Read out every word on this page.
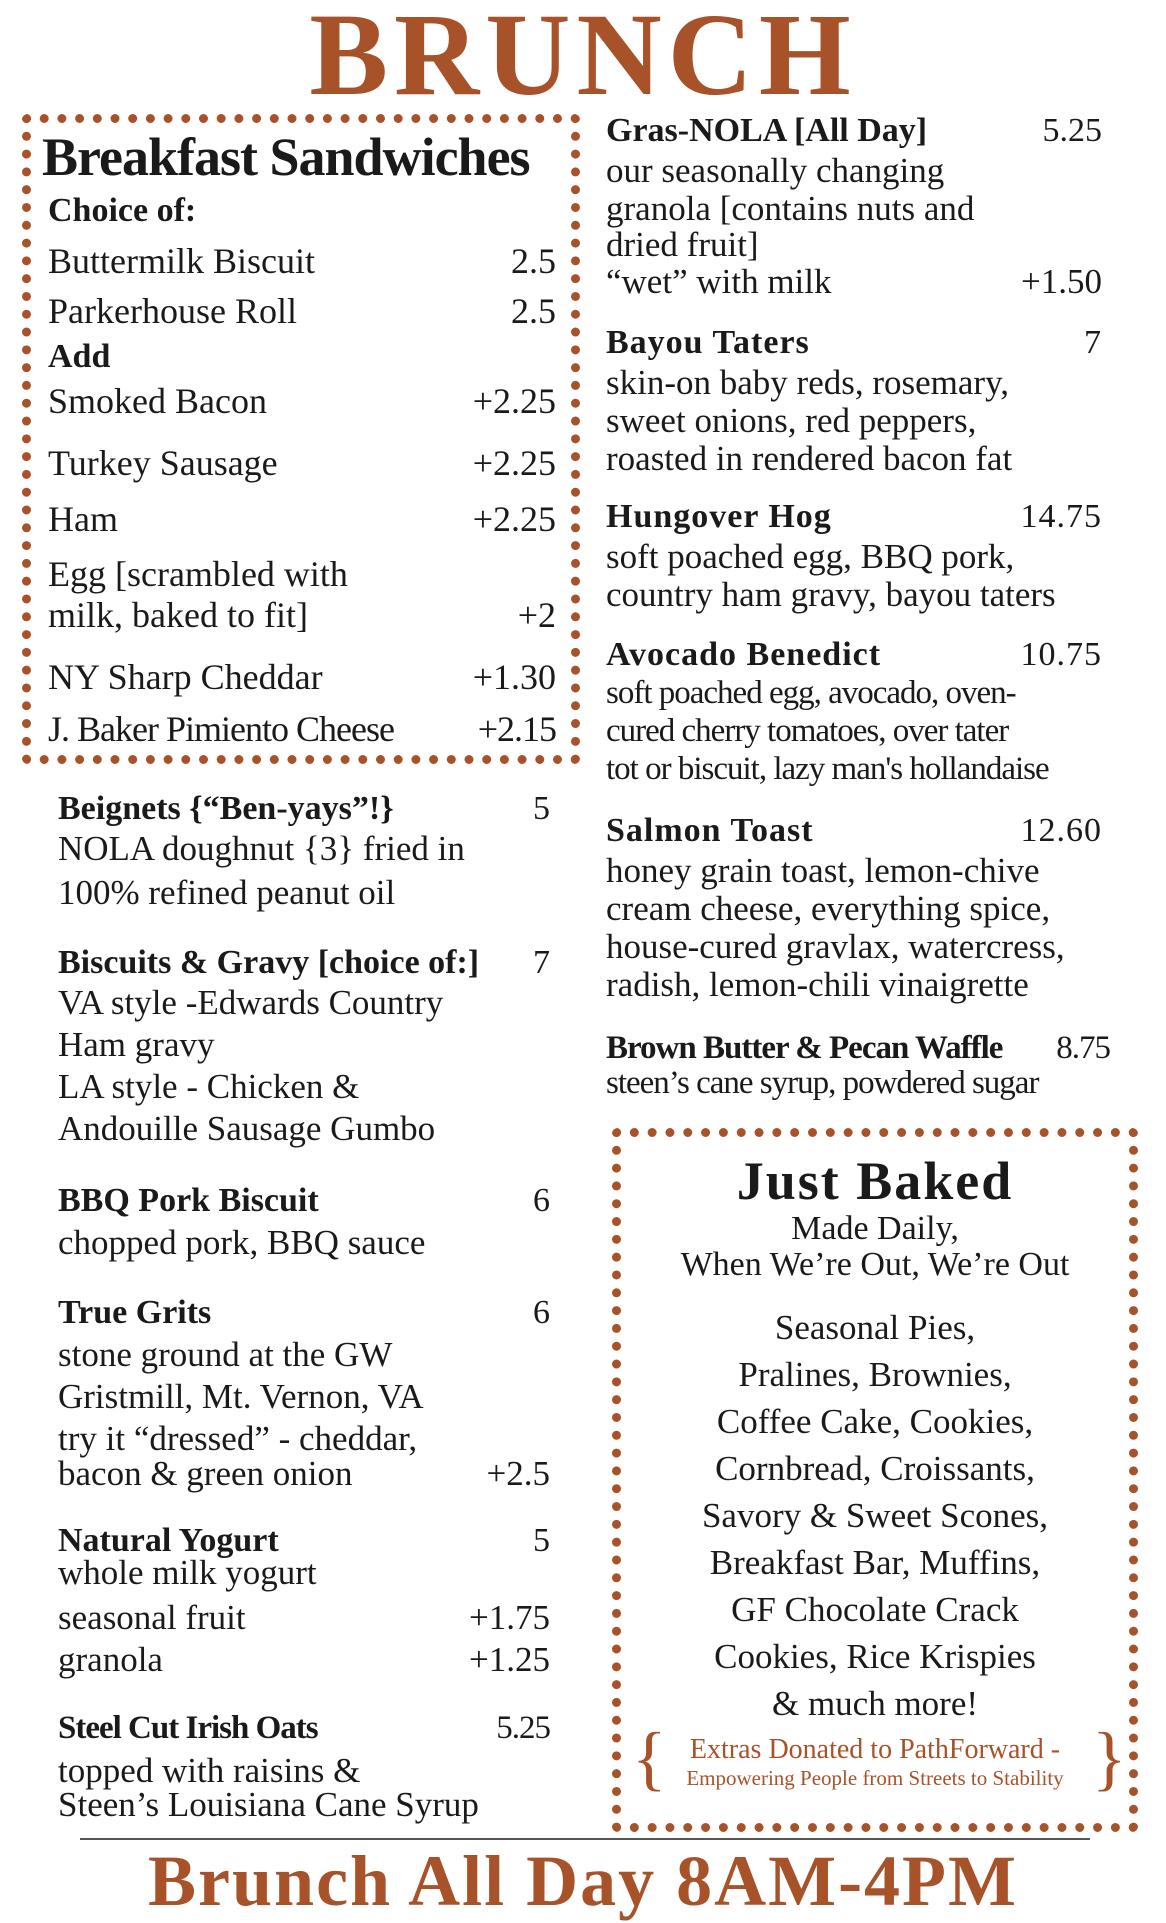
BRUNCH
Breakfast Sandwiches
Choice of:
Buttermilk Biscuit	2.5
Parkerhouse Roll	2.5
Add
Smoked Bacon	+2.25
Turkey Sausage	+2.25
Ham	+2.25
Egg [scrambled with
milk, baked to fit]	+2
NY Sharp Cheddar	+1.30
J. Baker Pimiento Cheese +2.15
Beignets {“Ben-yays”!}	5
NOLA doughnut {3} fried in
100% refined peanut oil
Biscuits & Gravy [choice of:] 7
VA style -Edwards Country
Ham gravy
LA style - Chicken &
Andouille Sausage Gumbo
BBQ Pork Biscuit	6
chopped pork, BBQ sauce
True Grits	6
stone ground at the GW
Gristmill, Mt. Vernon, VA
try it “dressed” - cheddar,
bacon & green onion	+2.5
Natural Yogurt	5
whole milk yogurt
seasonal fruit	+1.75
granola	+1.25
Steel Cut Irish Oats	5.25
topped with raisins &
Steen’s Louisiana Cane Syrup
Gras-NOLA [All Day]	5.25
our seasonally changing
granola [contains nuts and
dried fruit]
“wet” with milk	+1.50
Bayou Taters	7
skin-on baby reds, rosemary,
sweet onions, red peppers,
roasted in rendered bacon fat
Hungover Hog	14.75
soft poached egg, BBQ pork,
country ham gravy, bayou taters
Avocado Benedict	10.75
soft poached egg, avocado, oven-
cured cherry tomatoes, over tater
tot or biscuit, lazy man's hollandaise
Salmon Toast	12.60
honey grain toast, lemon-chive
cream cheese, everything spice,
house-cured gravlax, watercress,
radish, lemon-chili vinaigrette
Brown Butter & Pecan Waffle 8.75
steen’s cane syrup, powdered sugar
Just Baked
Made Daily,
When We’re Out, We’re Out
Seasonal Pies,
Pralines, Brownies,
Coffee Cake, Cookies,
Cornbread, Croissants,
Savory & Sweet Scones,
Breakfast Bar, Muffins,
GF Chocolate Crack
Cookies, Rice Krispies
& much more!
{	}
Extras Donated to PathForward -
Empowering People from Streets to Stability
Brunch All Day 8AM-4PM
